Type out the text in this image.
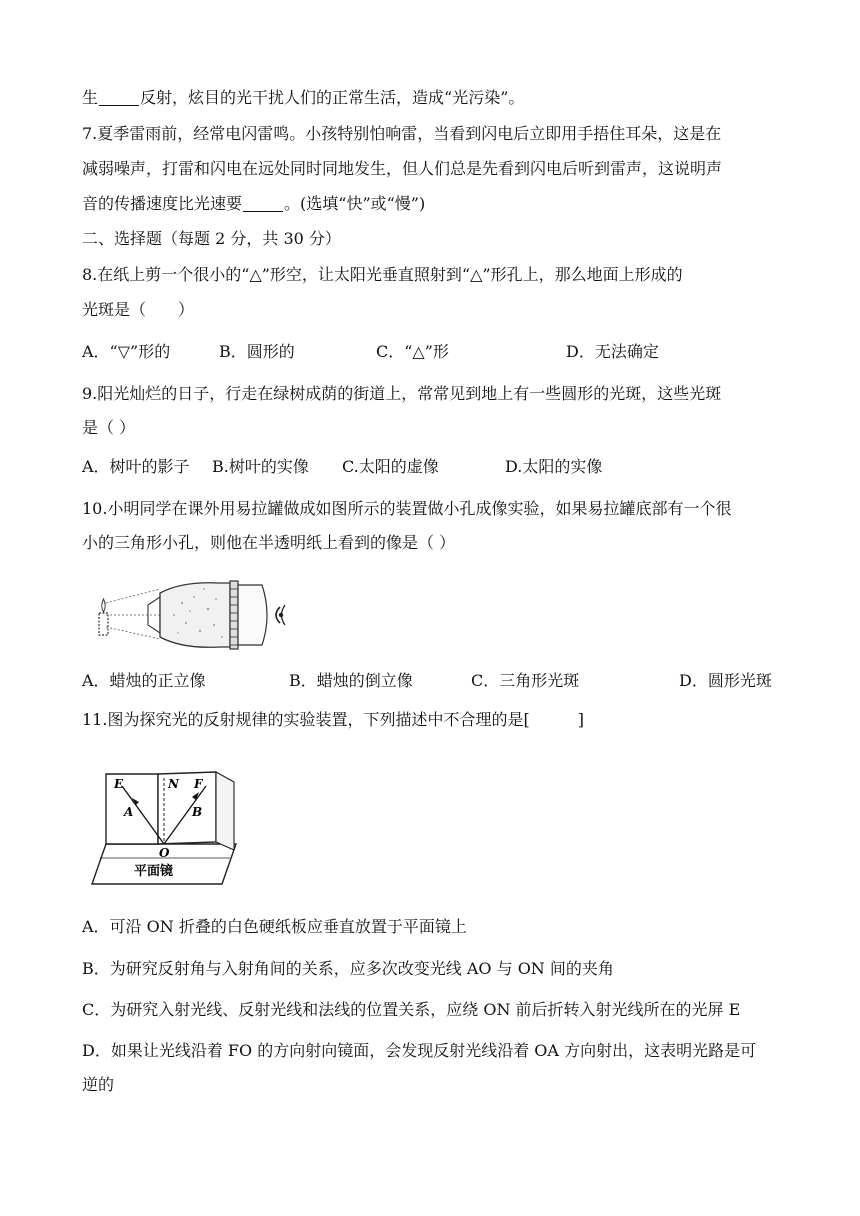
生	反射，炫目的光干扰人们的正常生活，造成“光污染”。
7.夏季雷雨前，经常电闪雷鸣。小孩特别怕响雷，当看到闪电后立即用手捂住耳朵，这是在
减弱噪声，打雷和闪电在远处同时同地发生，但人们总是先看到闪电后听到雷声，这说明声
音的传播速度比光速要	。(选填“快”或“慢”)
二、选择题（每题 2 分，共 30 分）
8.在纸上剪一个很小的“△”形空，让太阳光垂直照射到“△”形孔上，那么地面上形成的
光斑是（　　）
A．“▽”形的	B．圆形的	C．“△”形	D．无法确定
9.阳光灿烂的日子，行走在绿树成荫的街道上，常常见到地上有一些圆形的光斑，这些光斑
是（ ）
A．树叶的影子 B.树叶的实像 C.太阳的虚像	D.太阳的实像
10.小明同学在课外用易拉罐做成如图所示的装置做小孔成像实验，如果易拉罐底部有一个很
小的三角形小孔，则他在半透明纸上看到的像是（ ）
A．蜡烛的正立像	B．蜡烛的倒立像	C．三角形光斑	D．圆形光斑
11.图为探究光的反射规律的实验装置，下列描述中不合理的是[　　　]
E	N F
A	B
O
平面镜
A．可沿 ON 折叠的白色硬纸板应垂直放置于平面镜上
B．为研究反射角与入射角间的关系，应多次改变光线 AO 与 ON 间的夹角
C．为研究入射光线、反射光线和法线的位置关系，应绕 ON 前后折转入射光线所在的光屏 E
D．如果让光线沿着 FO 的方向射向镜面，会发现反射光线沿着 OA 方向射出，这表明光路是可
逆的
